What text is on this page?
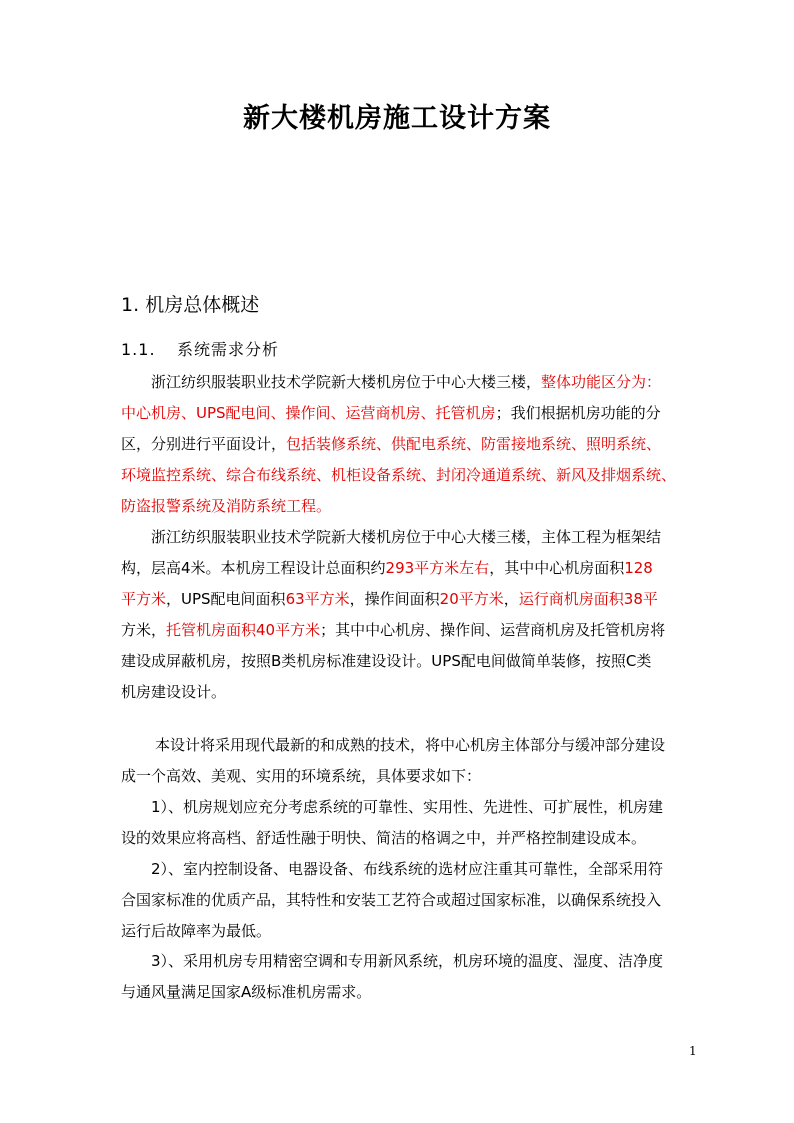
新大楼机房施工设计方案
1. 机房总体概述
1.1. 系统需求分析
浙江纺织服装职业技术学院新大楼机房位于中心大楼三楼，整体功能区分为：
中心机房、UPS配电间、操作间、运营商机房、托管机房；我们根据机房功能的分
区，分别进行平面设计，包括装修系统、供配电系统、防雷接地系统、照明系统、
环境监控系统、综合布线系统、机柜设备系统、封闭冷通道系统、新风及排烟系统、
防盗报警系统及消防系统工程。
浙江纺织服装职业技术学院新大楼机房位于中心大楼三楼，主体工程为框架结
构，层高4米。本机房工程设计总面积约293平方米左右，其中中心机房面积128
平方米，UPS配电间面积63平方米，操作间面积20平方米，运行商机房面积38平
方米，托管机房面积40平方米；其中中心机房、操作间、运营商机房及托管机房将
建设成屏蔽机房，按照B类机房标准建设设计。UPS配电间做简单装修，按照C类
机房建设设计。
本设计将采用现代最新的和成熟的技术，将中心机房主体部分与缓冲部分建设
成一个高效、美观、实用的环境系统，具体要求如下：
1）、机房规划应充分考虑系统的可靠性、实用性、先进性、可扩展性，机房建
设的效果应将高档、舒适性融于明快、简洁的格调之中，并严格控制建设成本。
2）、室内控制设备、电器设备、布线系统的选材应注重其可靠性，全部采用符
合国家标准的优质产品，其特性和安装工艺符合或超过国家标准，以确保系统投入
运行后故障率为最低。
3）、采用机房专用精密空调和专用新风系统，机房环境的温度、湿度、洁净度
与通风量满足国家A级标准机房需求。
1
